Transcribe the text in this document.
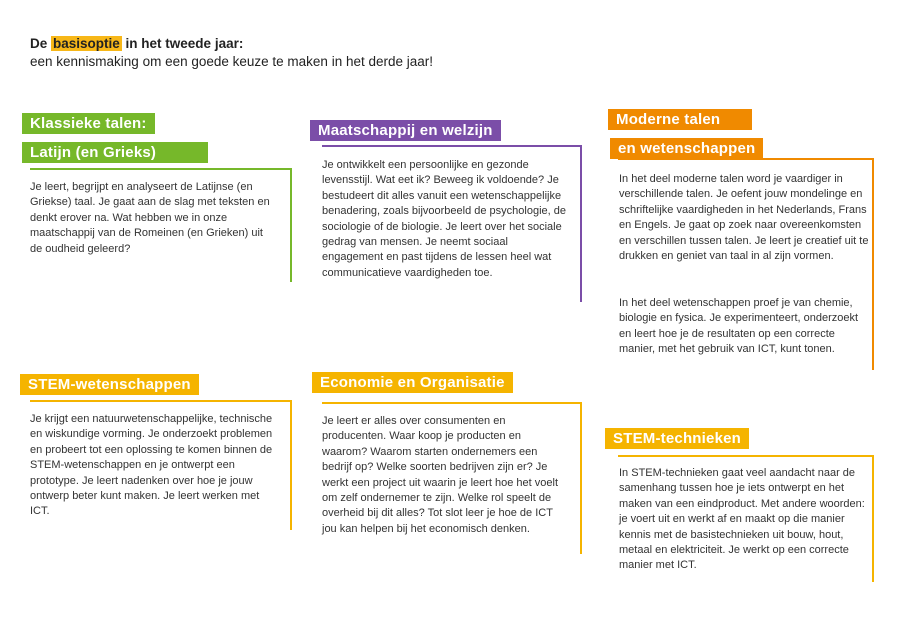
De basisoptie in het tweede jaar:
een kennismaking om een goede keuze te maken in het derde jaar!
Klassieke talen:
Latijn (en Grieks)
Je leert, begrijpt en analyseert de Latijnse (en Griekse) taal. Je gaat aan de slag met teksten en denkt erover na. Wat hebben we in onze maatschappij van de Romeinen (en Grieken) uit de oudheid geleerd?
Maatschappij en welzijn
Je ontwikkelt een persoonlijke en gezonde levensstijl. Wat eet ik? Beweeg ik voldoende? Je bestudeert dit alles vanuit een wetenschappelijke benadering, zoals bijvoorbeeld de psychologie, de sociologie of de biologie. Je leert over het sociale gedrag van mensen. Je neemt sociaal engagement en past tijdens de lessen heel wat communicatieve vaardigheden toe.
Moderne talen
en wetenschappen
In het deel moderne talen word je vaardiger in verschillende talen. Je oefent jouw mondelinge en schriftelijke vaardigheden in het Nederlands, Frans en Engels. Je gaat op zoek naar overeenkomsten en verschillen tussen talen. Je leert je creatief uit te drukken en geniet van taal in al zijn vormen.
In het deel wetenschappen proef je van chemie, biologie en fysica. Je experimenteert, onderzoekt en leert hoe je de resultaten op een correcte manier, met het gebruik van ICT, kunt tonen.
STEM-wetenschappen
Je krijgt een natuurwetenschappelijke, technische en wiskundige vorming. Je onderzoekt problemen en probeert tot een oplossing te komen binnen de STEM-wetenschappen en je ontwerpt een prototype. Je leert nadenken over hoe je jouw ontwerp beter kunt maken. Je leert werken met ICT.
Economie en Organisatie
Je leert er alles over consumenten en producenten. Waar koop je producten en waarom? Waarom starten ondernemers een bedrijf op? Welke soorten bedrijven zijn er? Je werkt een project uit waarin je leert hoe het voelt om zelf ondernemer te zijn. Welke rol speelt de overheid bij dit alles? Tot slot leer je hoe de ICT jou kan helpen bij het economisch denken.
STEM-technieken
In STEM-technieken gaat veel aandacht naar de samenhang tussen hoe je iets ontwerpt en het maken van een eindproduct. Met andere woorden: je voert uit en werkt af en maakt op die manier kennis met de basistechnieken uit bouw, hout, metaal en elektriciteit. Je werkt op een correcte manier met ICT.
